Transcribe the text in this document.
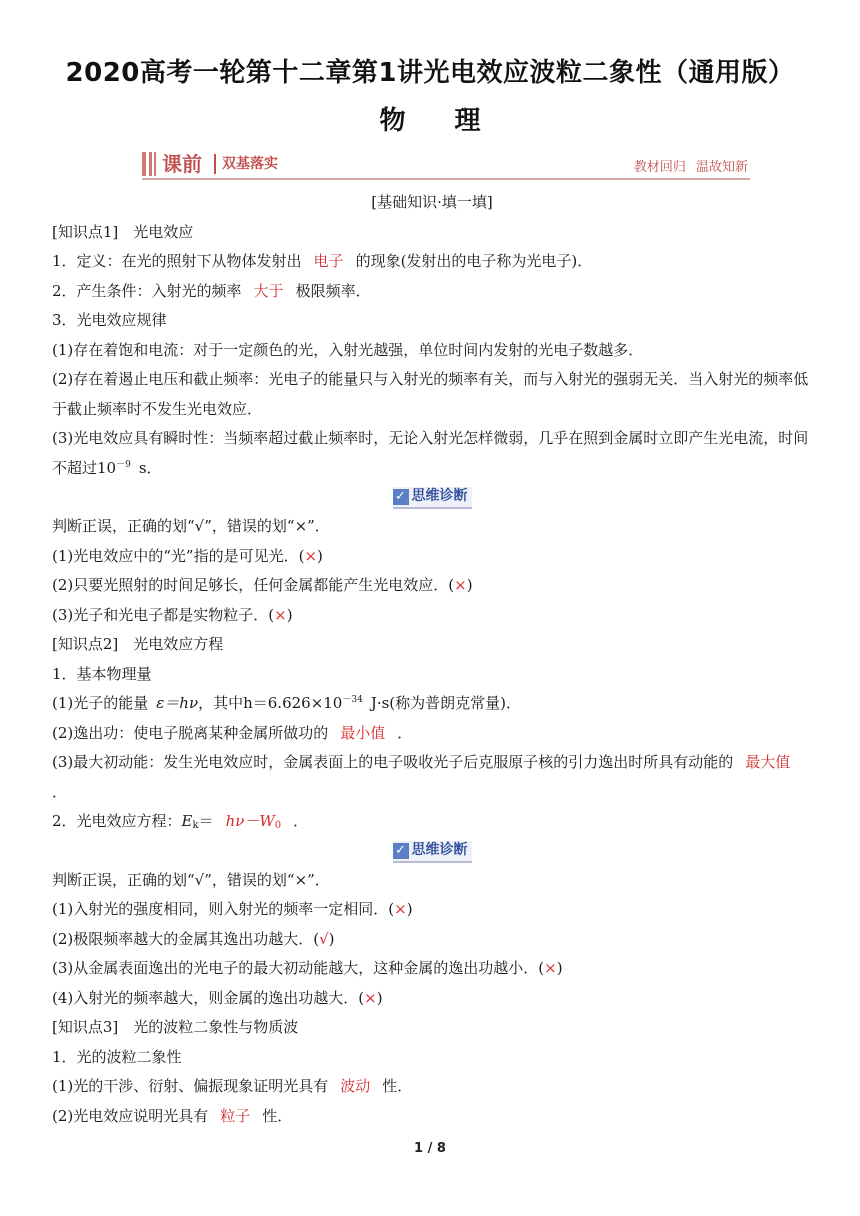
2020高考一轮第十二章第1讲光电效应波粒二象性（通用版）
物 理
课前 双基落实	教材回归 温故知新

[基础知识·填一填]

[知识点1]　光电效应

1．定义：在光的照射下从物体发射出 电子 的现象(发射出的电子称为光电子)．

2．产生条件：入射光的频率 大于 极限频率．

3．光电效应规律

(1)存在着饱和电流：对于一定颜色的光，入射光越强，单位时间内发射的光电子数越多．

(2)存在着遏止电压和截止频率：光电子的能量只与入射光的频率有关，而与入射光的强弱无关．当入射光的频率低于截止频率时不发生光电效应．

(3)光电效应具有瞬时性：当频率超过截止频率时，无论入射光怎样微弱，几乎在照到金属时立即产生光电流，时间不超过$10^{-9}$ s．

✓ 思维诊断

判断正误，正确的划“√”，错误的划“×”．

(1)光电效应中的“光”指的是可见光．(×)

(2)只要光照射的时间足够长，任何金属都能产生光电效应．(×)

(3)光子和光电子都是实物粒子．(×)

[知识点2]　光电效应方程

1．基本物理量

(1)光子的能量 ε＝hν，其中$h=6.626\times 10^{-34}$ J·s(称为普朗克常量)．

(2)逸出功：使电子脱离某种金属所做功的 最小值 ．

(3)最大初动能：发生光电效应时，金属表面上的电子吸收光子后克服原子核的引力逸出时所具有动能的 最大值．

2．光电效应方程：$E_k= h\nu-W_0$ ．

✓ 思维诊断

判断正误，正确的划“√”，错误的划“×”．

(1)入射光的强度相同，则入射光的频率一定相同．(×)

(2)极限频率越大的金属其逸出功越大．(√)

(3)从金属表面逸出的光电子的最大初动能越大，这种金属的逸出功越小．(×)

(4)入射光的频率越大，则金属的逸出功越大．(×)

[知识点3]　光的波粒二象性与物质波

1．光的波粒二象性

(1)光的干涉、衍射、偏振现象证明光具有 波动 性．

(2)光电效应说明光具有 粒子 性．

1 / 8
